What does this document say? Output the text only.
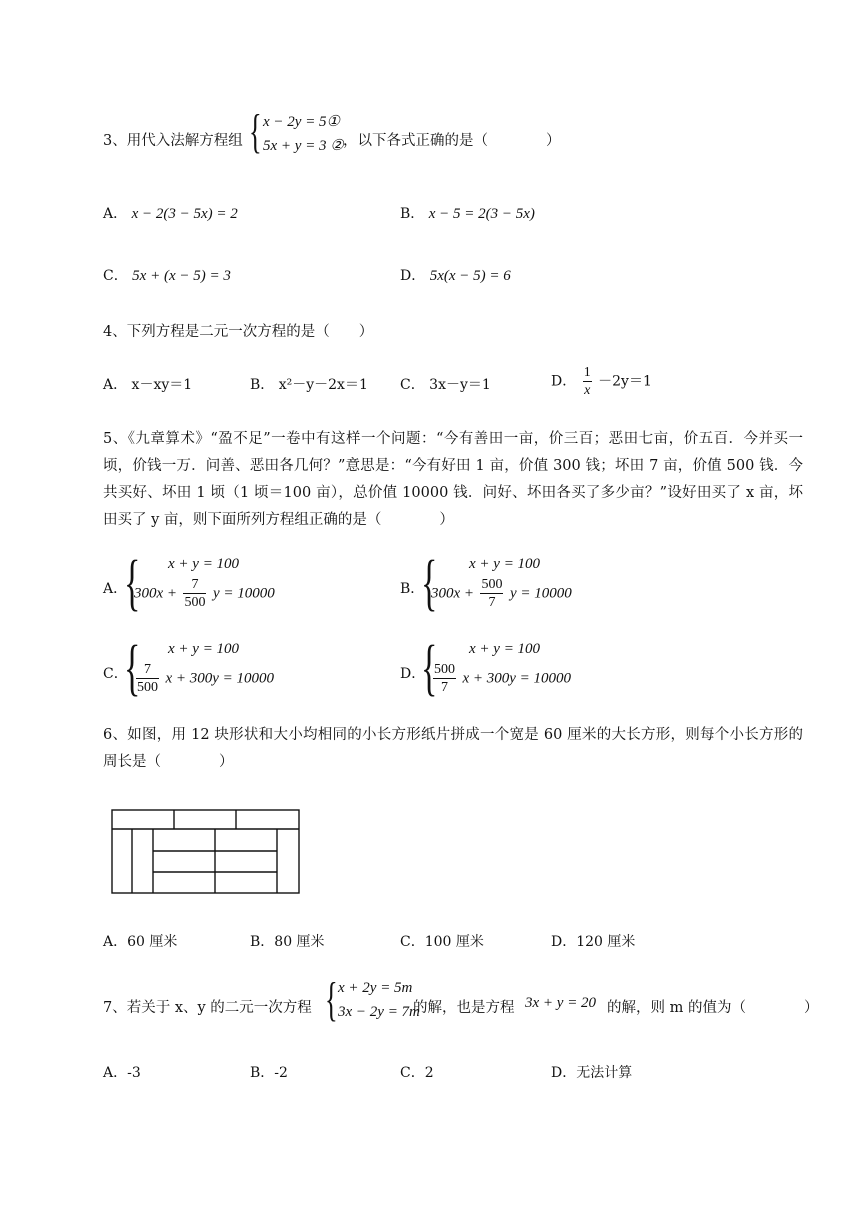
3、用代入法解方程组 { x − 2y = 5①
5x + y = 3 ② ，以下各式正确的是（　　　　）
A． x − 2(3 − 5x) = 2	B． x − 5 = 2(3 − 5x)
C． 5x + (x − 5) = 3	D． 5x(x − 5) = 6
4、下列方程是二元一次方程的是（　　）
A． x－xy＝1	B． x²－y－2x＝1 C． 3x－y＝1	D． $\frac{1}{x} -2y=1$
5、《九章算术》“盈不足”一卷中有这样一个问题：“今有善田一亩，价三百；恶田七亩，价五百．今并买一顷，价钱一万．问善、恶田各几何？”意思是：“今有好田 1 亩，价值 300 钱；坏田 7 亩，价值 500 钱．今共买好、坏田 1 顷（1 顷＝100 亩），总价值 10000 钱．问好、坏田各买了多少亩？”设好田买了 x 亩，坏田买了 y 亩，则下面所列方程组正确的是（　　　　）
A．
{ x + y = 100
$300x + \frac{7}{500}$ y = 10000	B．
{ x + y = 100
$300x + \frac{500}{7}$ y = 10000
C．
{ x + y = 100
$\frac{7}{500}$ x + 300y = 10000	D．
{ x + y = 100
$\frac{500}{7}$ x + 300y = 10000
6、如图，用 12 块形状和大小均相同的小长方形纸片拼成一个宽是 60 厘米的大长方形，则每个小长方形的周长是（　　　　）
A．60 厘米	B．80 厘米	C．100 厘米	D．120 厘米
7、若关于 x、y 的二元一次方程 { x + 2y = 5m
3x − 2y = 7m
的解，也是方程 3x + y = 20 的解，则 m 的值为（　　　　）
A．-3	B．-2	C．2	D．无法计算
